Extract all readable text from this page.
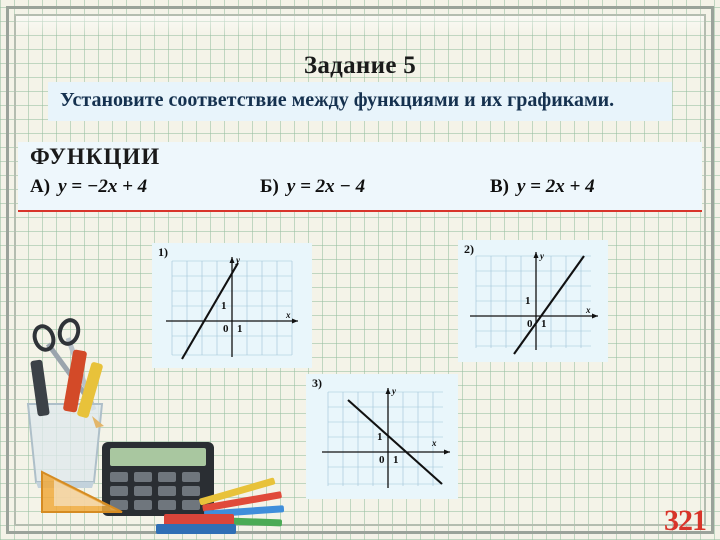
Задание 5
Установите соответствие между функциями и их графиками.
ФУНКЦИИ
А) y = −2x + 4	Б) y = 2x − 4	В) y = 2x + 4
1)
y
x
0 1
1
2)	y
x
0 1
1
3)
y
x
0 1
1
321
